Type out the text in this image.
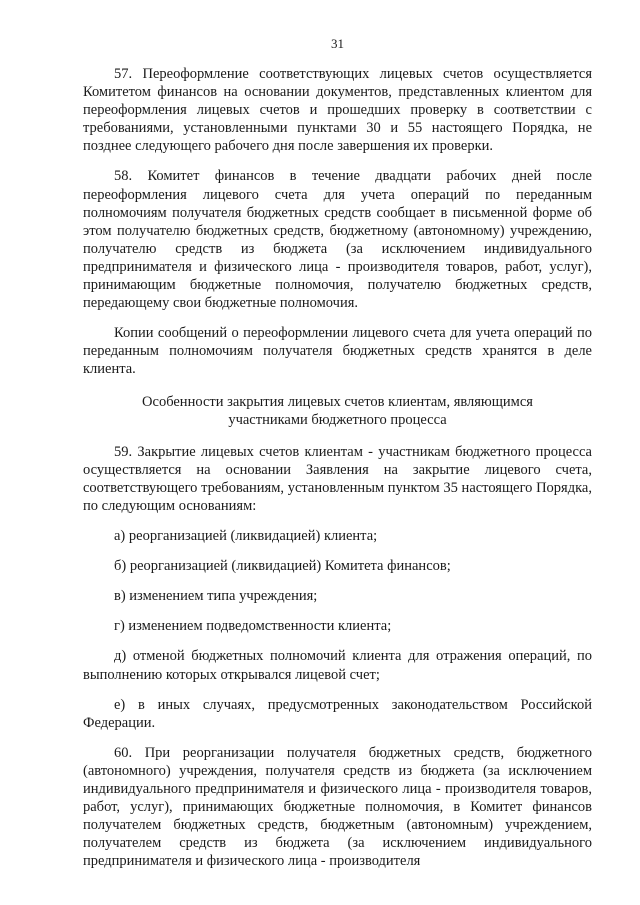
31

57. Переоформление соответствующих лицевых счетов осуществляется Комитетом финансов на основании документов, представленных клиентом для переоформления лицевых счетов и прошедших проверку в соответствии с требованиями, установленными пунктами 30 и 55 настоящего Порядка, не позднее следующего рабочего дня после завершения их проверки.

58. Комитет финансов в течение двадцати рабочих дней после переоформления лицевого счета для учета операций по переданным полномочиям получателя бюджетных средств сообщает в письменной форме об этом получателю бюджетных средств, бюджетному (автономному) учреждению, получателю средств из бюджета (за исключением индивидуального предпринимателя и физического лица - производителя товаров, работ, услуг), принимающим бюджетные полномочия, получателю бюджетных средств, передающему свои бюджетные полномочия.

Копии сообщений о переоформлении лицевого счета для учета операций по переданным полномочиям получателя бюджетных средств хранятся в деле клиента.

Особенности закрытия лицевых счетов клиентам, являющимся
участниками бюджетного процесса

59. Закрытие лицевых счетов клиентам - участникам бюджетного процесса осуществляется на основании Заявления на закрытие лицевого счета, соответствующего требованиям, установленным пунктом 35 настоящего Порядка, по следующим основаниям:

а) реорганизацией (ликвидацией) клиента;

б) реорганизацией (ликвидацией) Комитета финансов;

в) изменением типа учреждения;

г) изменением подведомственности клиента;

д) отменой бюджетных полномочий клиента для отражения операций, по выполнению которых открывался лицевой счет;

е) в иных случаях, предусмотренных законодательством Российской Федерации.

60. При реорганизации получателя бюджетных средств, бюджетного (автономного) учреждения, получателя средств из бюджета (за исключением индивидуального предпринимателя и физического лица - производителя товаров, работ, услуг), принимающих бюджетные полномочия, в Комитет финансов получателем бюджетных средств, бюджетным (автономным) учреждением, получателем средств из бюджета (за исключением индивидуального предпринимателя и физического лица - производителя
